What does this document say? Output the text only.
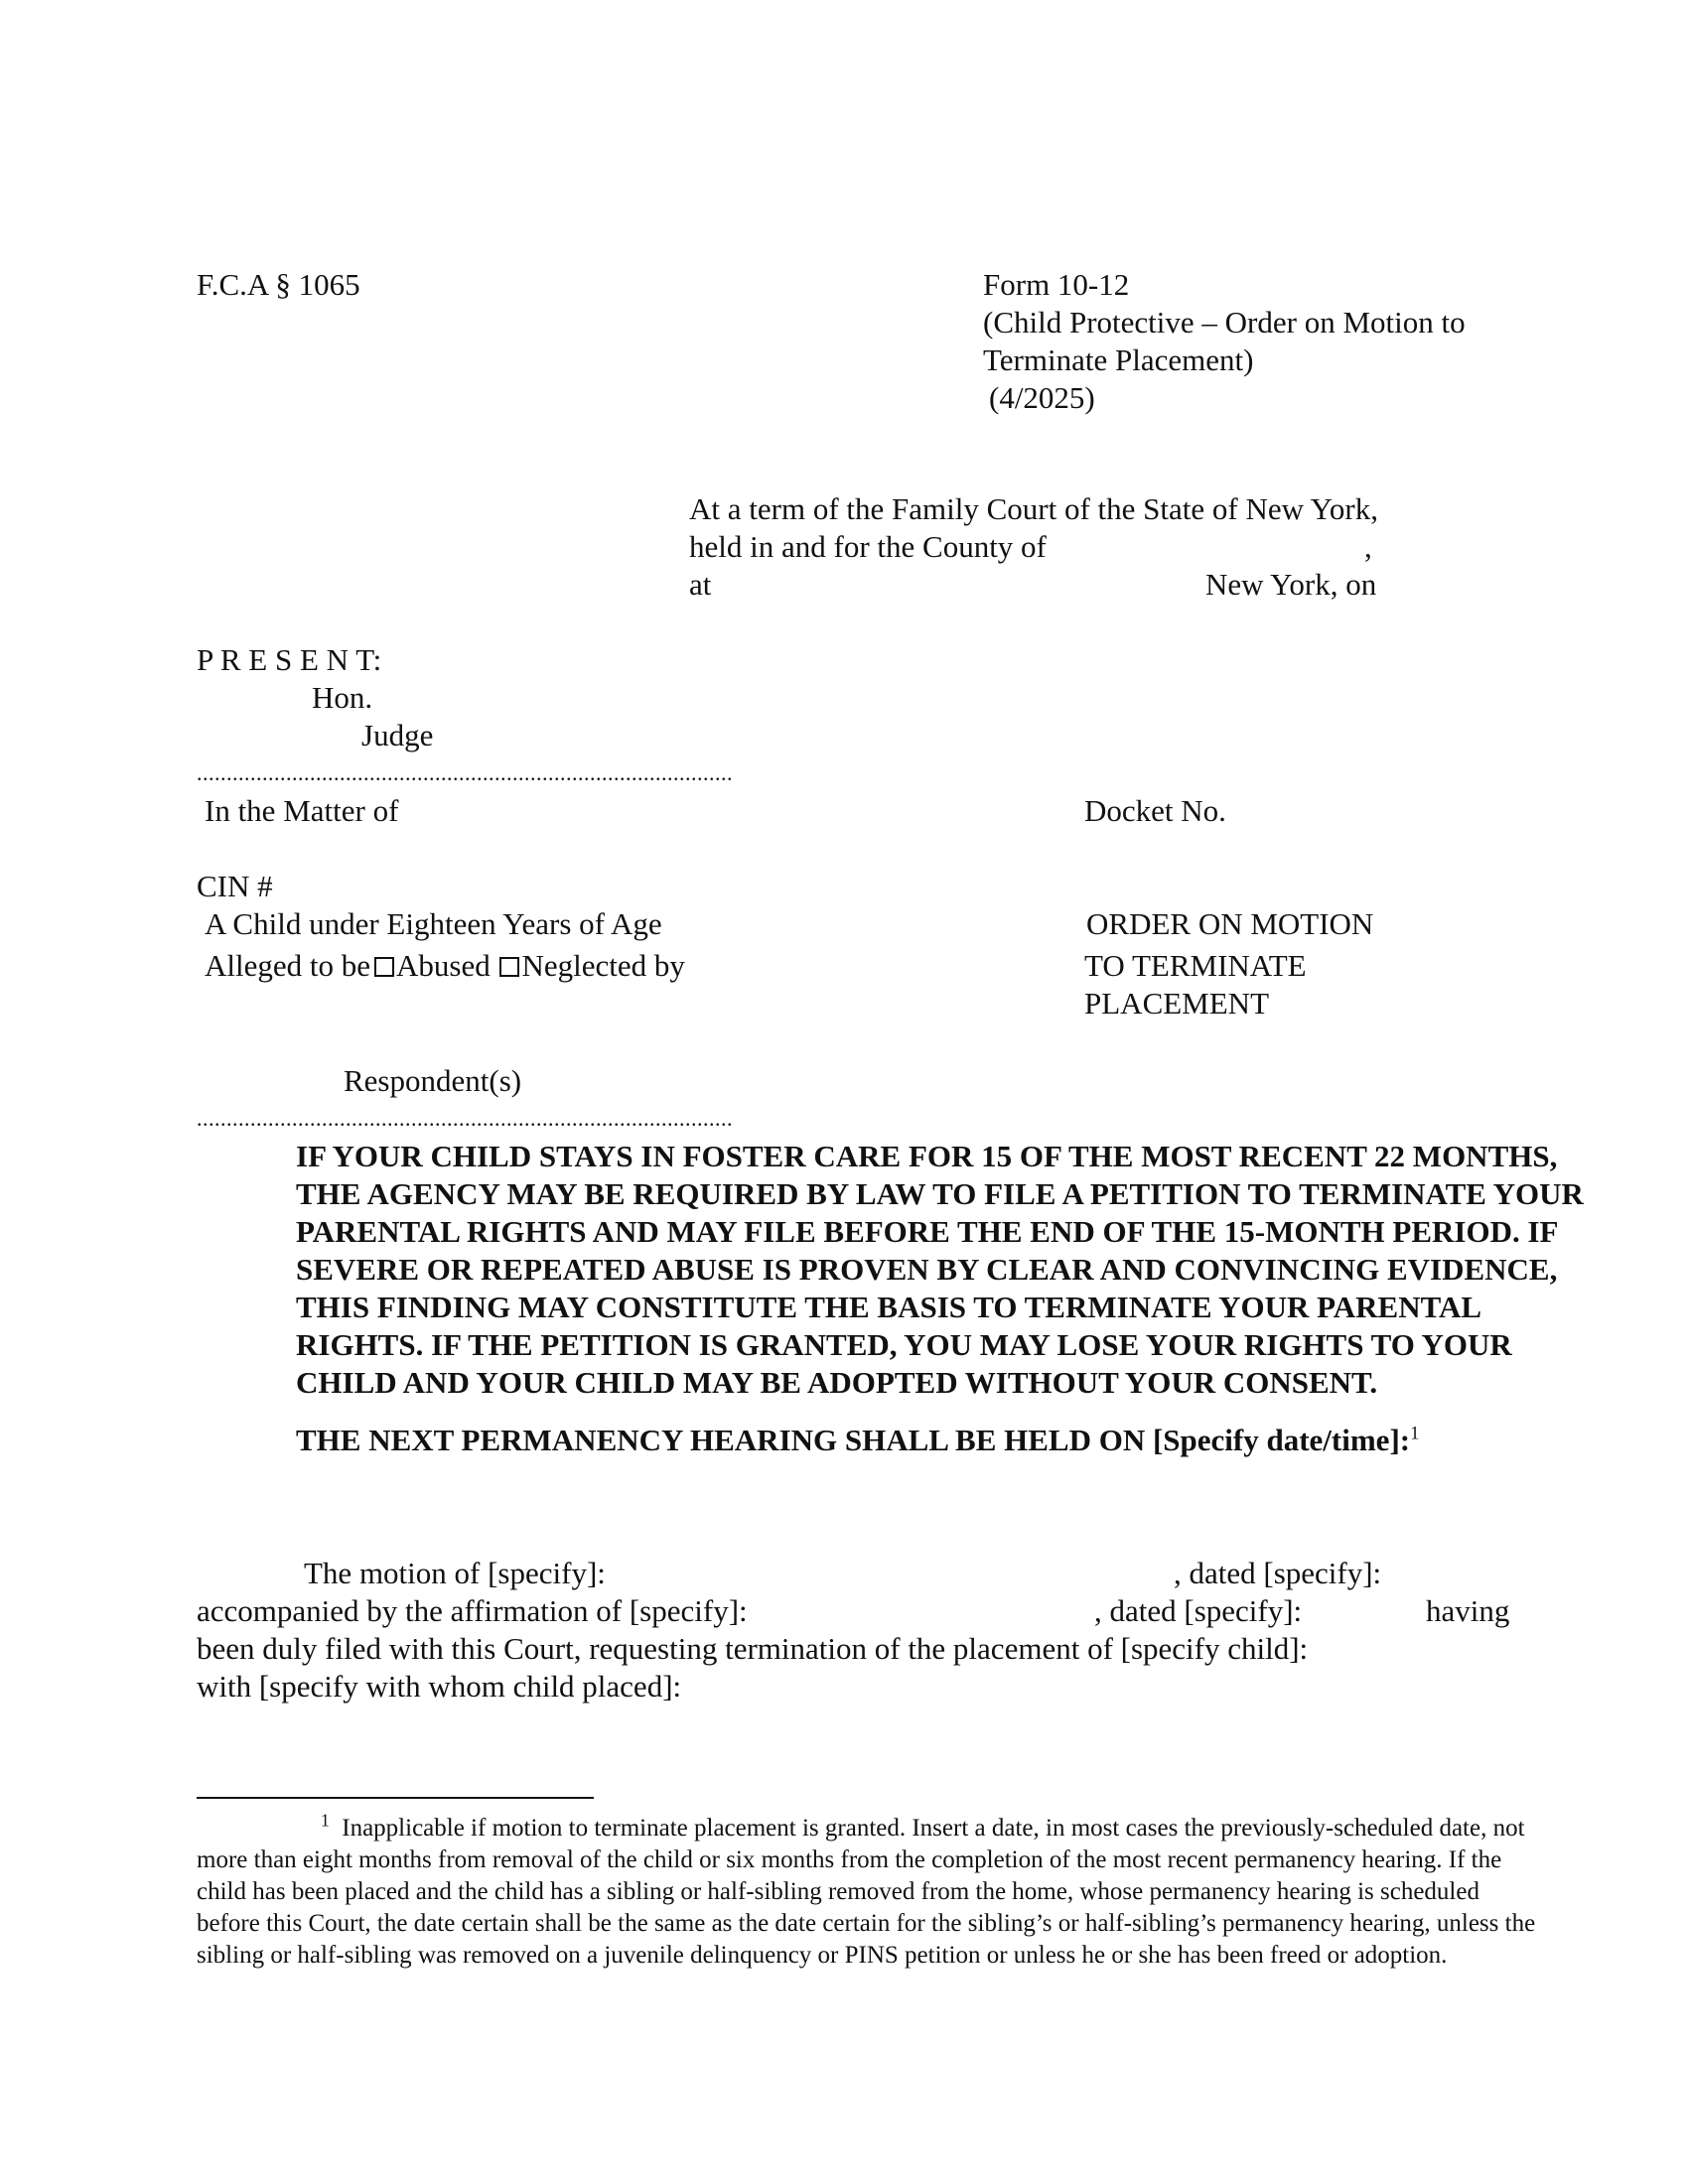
F.C.A § 1065	Form 10-12
(Child Protective – Order on Motion to
Terminate Placement)
(4/2025)
At a term of the Family Court of the State of New York,
held in and for the County of	,
at	New York, on
P R E S E N T:
Hon.
Judge
..........................................................................................
In the Matter of	Docket No.
CIN #
A Child under Eighteen Years of Age	ORDER ON MOTION
Alleged to be Abused Neglected by	TO TERMINATE
PLACEMENT
Respondent(s)
..........................................................................................

IF YOUR CHILD STAYS IN FOSTER CARE FOR 15 OF THE MOST RECENT 22 MONTHS, THE AGENCY MAY BE REQUIRED BY LAW TO FILE A PETITION TO TERMINATE YOUR PARENTAL RIGHTS AND MAY FILE BEFORE THE END OF THE 15-MONTH PERIOD. IF SEVERE OR REPEATED ABUSE IS PROVEN BY CLEAR AND CONVINCING EVIDENCE, THIS FINDING MAY CONSTITUTE THE BASIS TO TERMINATE YOUR PARENTAL RIGHTS. IF THE PETITION IS GRANTED, YOU MAY LOSE YOUR RIGHTS TO YOUR CHILD AND YOUR CHILD MAY BE ADOPTED WITHOUT YOUR CONSENT.

THE NEXT PERMANENCY HEARING SHALL BE HELD ON [Specify date/time]:$^1$

The motion of [specify]:	, dated [specify]:
accompanied by the affirmation of [specify]:	, dated [specify]:	having
been duly filed with this Court, requesting termination of the placement of [specify child]:
with [specify with whom child placed]:

$^1$ Inapplicable if motion to terminate placement is granted. Insert a date, in most cases the previously-scheduled date, not more than eight months from removal of the child or six months from the completion of the most recent permanency hearing. If the child has been placed and the child has a sibling or half-sibling removed from the home, whose permanency hearing is scheduled before this Court, the date certain shall be the same as the date certain for the sibling’s or half-sibling’s permanency hearing, unless the sibling or half-sibling was removed on a juvenile delinquency or PINS petition or unless he or she has been freed or adoption.
